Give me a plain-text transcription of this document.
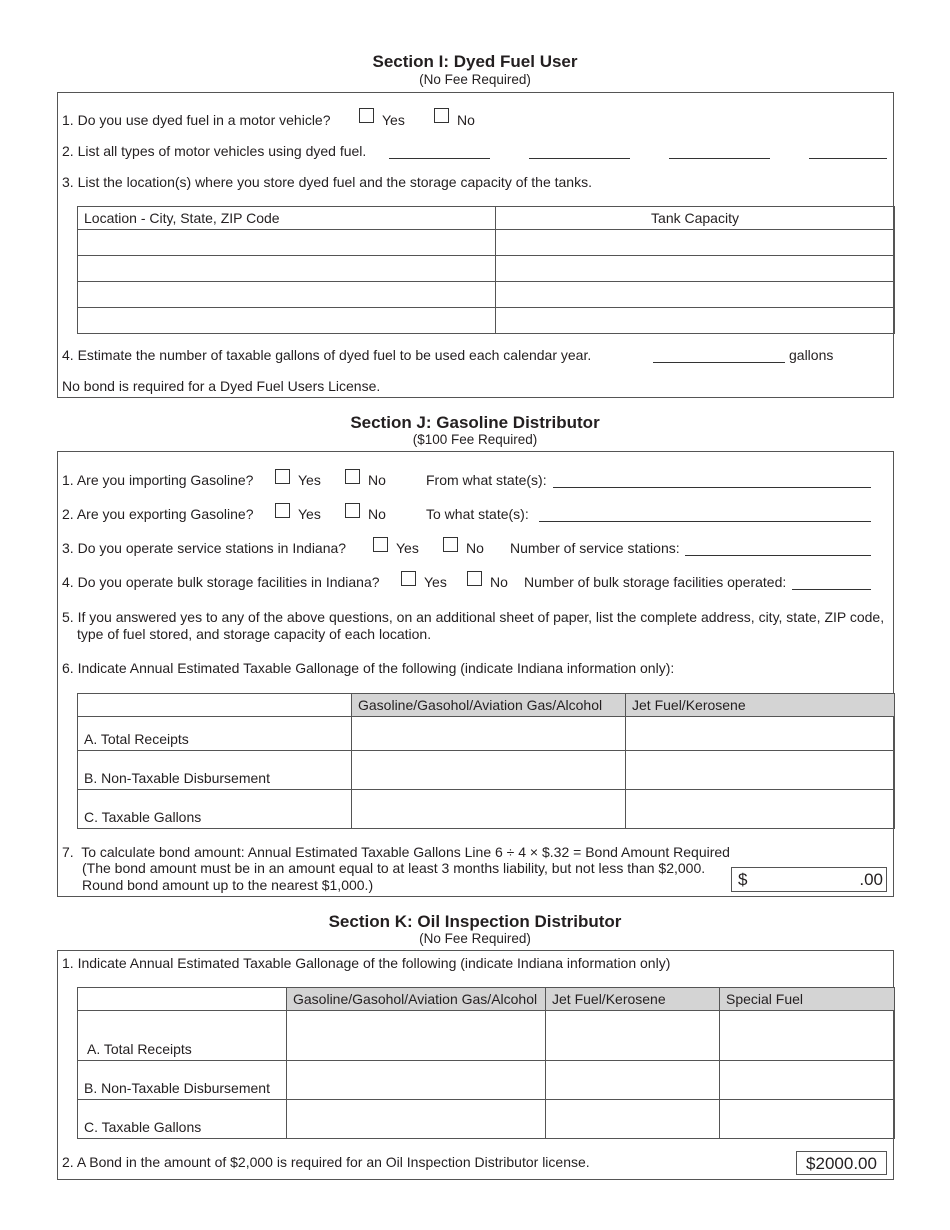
Section I: Dyed Fuel User
(No Fee Required)
1. Do you use dyed fuel in a motor vehicle?	Yes	No
2. List all types of motor vehicles using dyed fuel.
3. List the location(s) where you store dyed fuel and the storage capacity of the tanks.
Location - City, State, ZIP Code	Tank Capacity

4. Estimate the number of taxable gallons of dyed fuel to be used each calendar year.	gallons
No bond is required for a Dyed Fuel Users License.
Section J: Gasoline Distributor
($100 Fee Required)
1. Are you importing Gasoline?	Yes	No	From what state(s):
2. Are you exporting Gasoline?	Yes	No	To what state(s):
3. Do you operate service stations in Indiana?	Yes	No Number of service stations:
4. Do you operate bulk storage facilities in Indiana?	Yes	No Number of bulk storage facilities operated:
5. If you answered yes to any of the above questions, on an additional sheet of paper, list the complete address, city, state, ZIP code,
type of fuel stored, and storage capacity of each location.
6. Indicate Annual Estimated Taxable Gallonage of the following (indicate Indiana information only):
	Gasoline/Gasohol/Aviation Gas/Alcohol	Jet Fuel/Kerosene
A. Total Receipts		
B. Non-Taxable Disbursement		
C. Taxable Gallons		
7. To calculate bond amount: Annual Estimated Taxable Gallons Line 6 ÷ 4 × $.32 = Bond Amount Required
(The bond amount must be in an amount equal to at least 3 months liability, but not less than $2,000.
Round bond amount up to the nearest $1,000.)	$	.00
Section K: Oil Inspection Distributor
(No Fee Required)
1. Indicate Annual Estimated Taxable Gallonage of the following (indicate Indiana information only)
	Gasoline/Gasohol/Aviation Gas/Alcohol	Jet Fuel/Kerosene	Special Fuel
A. Total Receipts			
B. Non-Taxable Disbursement			
C. Taxable Gallons			
2. A Bond in the amount of $2,000 is required for an Oil Inspection Distributor license.	$2000.00
